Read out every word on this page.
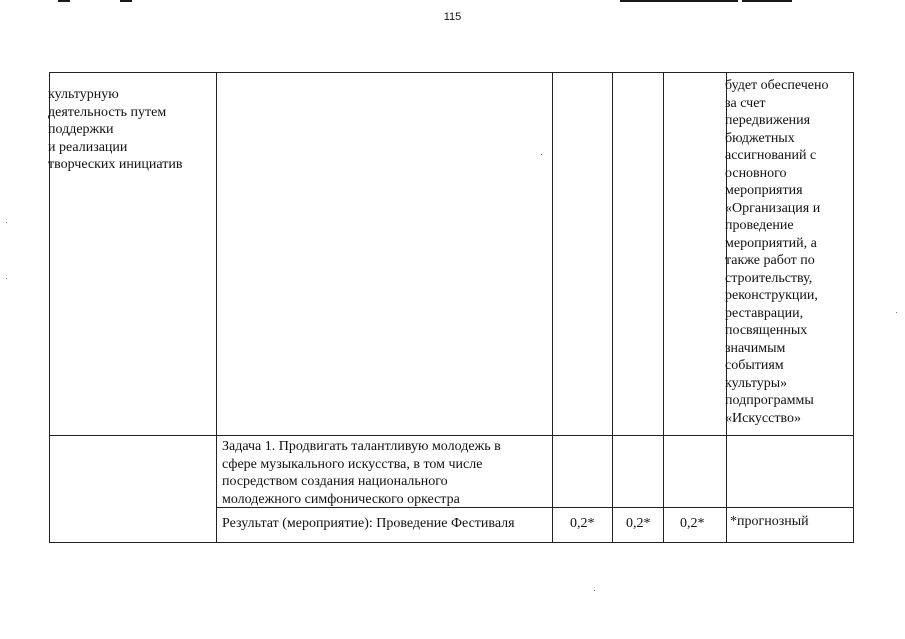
115
культурную
деятельность путем
поддержки
и реализации
творческих инициатив
будет обеспечено
за счет
передвижения
бюджетных
ассигнований с
основного
мероприятия
«Организация и
проведение
мероприятий, а
также работ по
строительству,
реконструкции,
реставрации,
посвященных
значимым
событиям
культуры»
подпрограммы
«Искусство»
Задача 1. Продвигать талантливую молодежь в
сфере музыкального искусства, в том числе
посредством создания национального
молодежного симфонического оркестра
Результат (мероприятие): Проведение Фестиваля	0,2* 0,2* 0,2* *прогнозный
